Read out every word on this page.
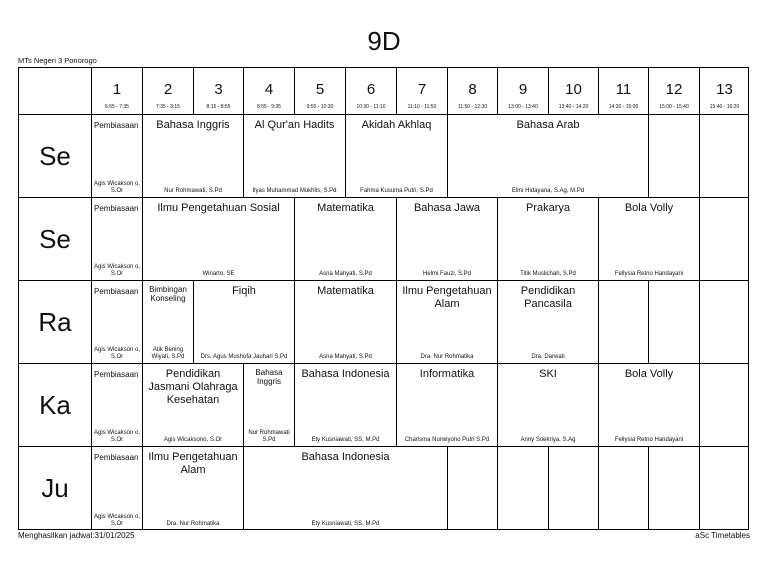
9D
MTs Negeri 3 Ponorogo
1
6:55 - 7:35
2
7:35 - 8:15
3
8:15 - 8:55
4
8:55 - 9:35
5
9:50 - 10:30
6
10:30 - 11:10
7
11:10 - 11:50
8
11:50 - 12:30
9
13:00 - 13:40
10
13:40 - 14:20
11
14:20 - 15:00
12
15:00 - 15:40
13
15:40 - 16:20
Se
Se
Ra
Ka
Ju
Pembiasaan
Agis Wicakson o, S.Or
Bahasa Inggris
Nur Rohmawati, S.Pd
Al Qur'an Hadits
Ilyas Muhammad Mukhlis, S.Pd
Akidah Akhlaq
Fahma Kusuma Putri, S.Pd
Bahasa Arab
Elmi Hidayana, S.Ag, M.Pd
Pembiasaan
Agis Wicakson o, S.Or
Ilmu Pengetahuan Sosial
Winarto, SE
Matematika
Asna Mahyati, S.Pd
Bahasa Jawa
Helmi Fauzi, S.Pd
Prakarya
Titik Muslichah, S.Pd
Bola Volly
Fellysia Retno Handayani
Pembiasaan
Agis Wicakson o, S.Or
Bimbingan Konseling
Atik Bening Wiyati, S.Pd
Fiqih
Drs. Agus Mushofa Jauhari S.Pd
Matematika
Asna Mahyati, S.Pd
Ilmu Pengetahuan Alam
Dra. Nur Rohmatika
Pendidikan Pancasila
Dra. Darwati
Pembiasaan
Agis Wicakson o, S.Or
Pendidikan Jasmani Olahraga Kesehatan
Agis Wicaksono, S.Or
Bahasa Inggris
Nur Rohmawati S.Pd
Bahasa Indonesia
Ety Kusniawati, SS, M.Pd
Informatika
Charisma Nurwiyono Putri S.Pd
SKI
Anny Soekriya, S.Ag
Bola Volly
Fellysia Retno Handayani
Pembiasaan
Agis Wicakson o, S.Or
Ilmu Pengetahuan Alam
Dra. Nur Rohmatika
Bahasa Indonesia
Ety Kusniawati, SS, M.Pd
Menghasilkan jadwal:31/01/2025	aSc Timetables
